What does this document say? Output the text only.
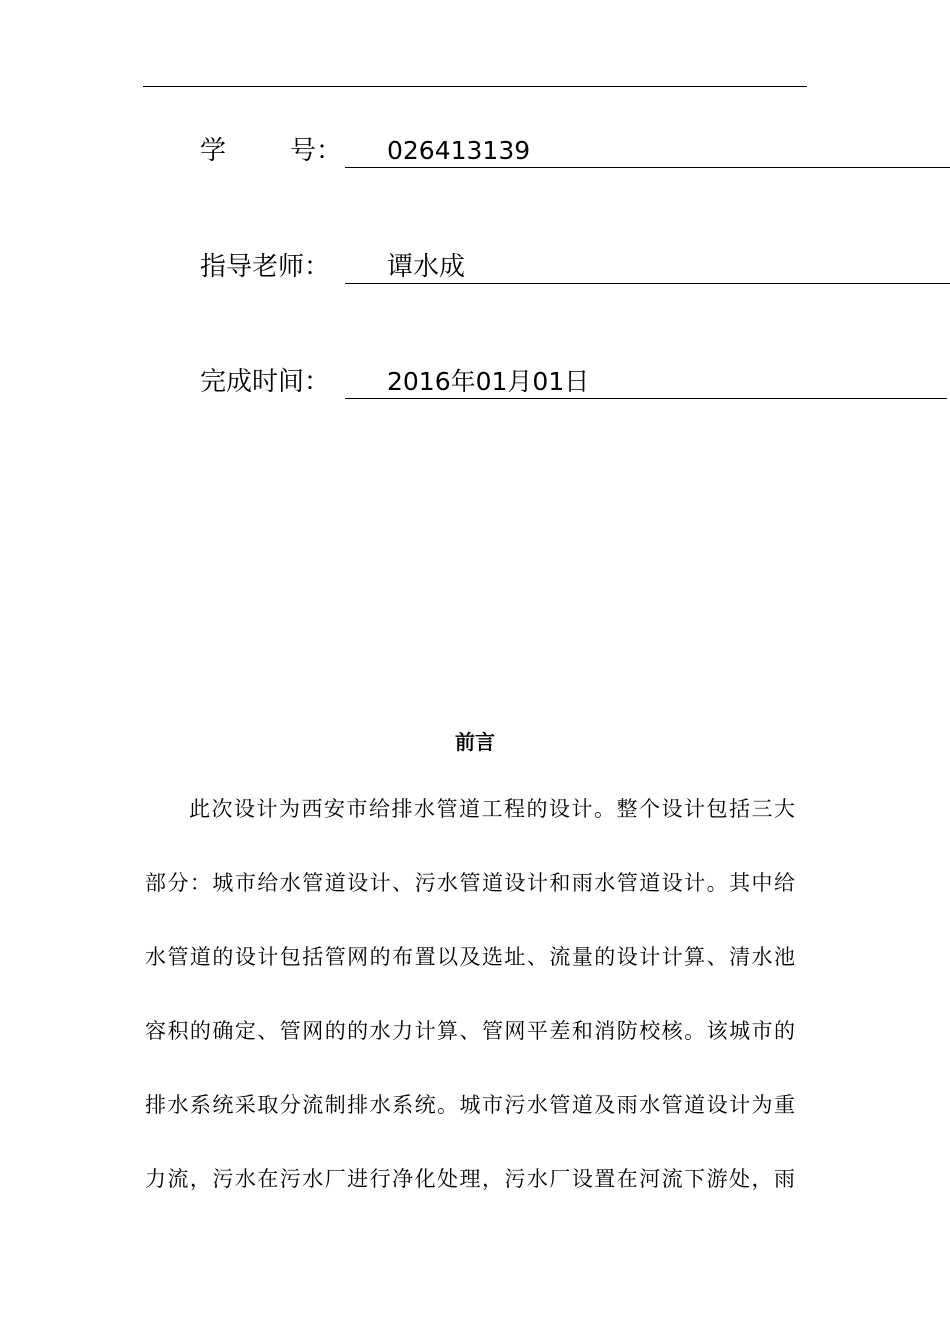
学 号：	026413139
指导老师：	谭水成
完成时间：	2016年01月01日
前言
此次设计为西安市给排水管道工程的设计。整个设计包括三大
部分：城市给水管道设计、污水管道设计和雨水管道设计。其中给
水管道的设计包括管网的布置以及选址、流量的设计计算、清水池
容积的确定、管网的的水力计算、管网平差和消防校核。该城市的
排水系统采取分流制排水系统。城市污水管道及雨水管道设计为重
力流，污水在污水厂进行净化处理，污水厂设置在河流下游处，雨
